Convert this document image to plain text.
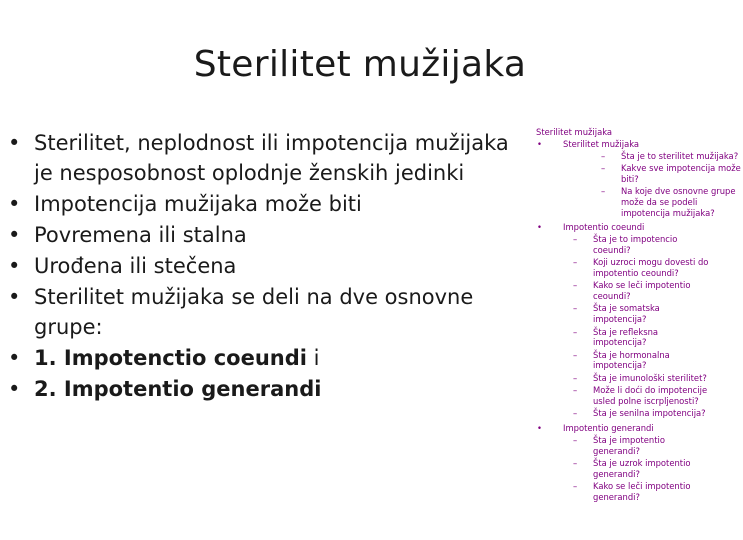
Sterilitet mužijaka
• Sterilitet, neplodnost ili impotencija mužijaka je nesposobnost oplodnje ženskih jedinki
• Impotencija mužijaka može biti
• Povremena ili stalna
• Urođena ili stečena
• Sterilitet mužijaka se deli na dve osnovne grupe:
• 1. Impotenctio coeundi i
• 2. Impotentio generandi
Sterilitet mužijaka
•	Sterilitet mužijaka
– Šta je to sterilitet mužijaka?
– Kakve sve impotencija može biti?
– Na koje dve osnovne grupe može da se podeli impotencija mužijaka?
•	Impotentio coeundi
– Šta je to impotencio coeundi?
– Koji uzroci mogu dovesti do impotentio ceoundi?
– Kako se leči impotentio ceoundi?
– Šta je somatska impotencija?
– Šta je refleksna impotencija?
– Šta je hormonalna impotencija?
– Šta je imunološki sterilitet?
– Može li doći do impotencije usled polne iscrpljenosti?
– Šta je senilna impotencija?
•	Impotentio generandi
– Šta je impotentio generandi?
– Šta je uzrok impotentio generandi?
– Kako se leči impotentio generandi?
